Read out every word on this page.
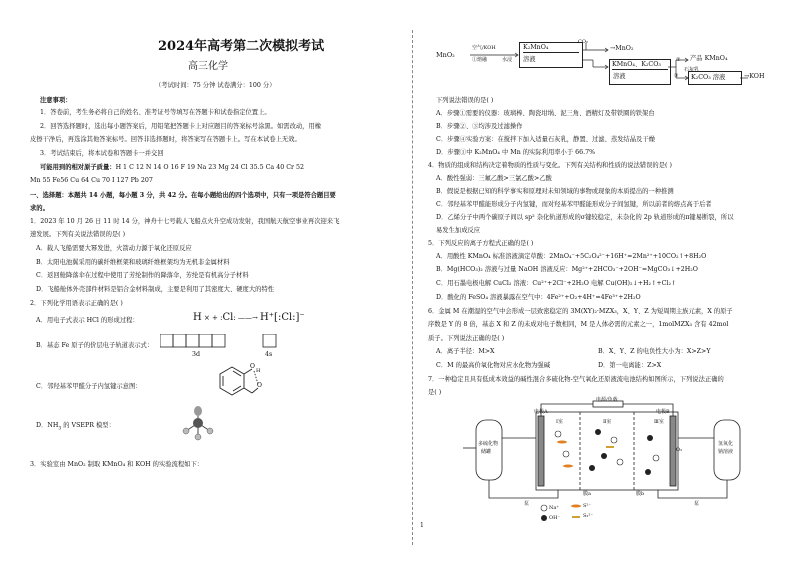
2024年高考第二次模拟考试
高三化学
（考试时间：75 分钟 试卷满分：100 分）
注意事项：
1．答卷前，考生务必将自己的姓名、准考证号等填写在答题卡和试卷指定位置上。
2．回答选择题时，选出每小题答案后，用铅笔把答题卡上对应题目的答案标号涂黑。如需改动，用橡
皮擦干净后，再选涂其他答案标号。回答非选择题时，将答案写在答题卡上。写在本试卷上无效。
3．考试结束后，将本试卷和答题卡一并交回
可能用到的相对原子质量：H 1 C 12 N 14 O 16 F 19 Na 23 Mg 24 Cl 35.5 Ca 40 Cr 52
Mn 55 Fe56 Cu 64 Cu 70 I 127 Pb 207
一、选择题：本题共 14 小题，每小题 3 分，共 42 分。在每小题给出的四个选项中，只有一项是符合题目要
求的。
1．2023 年 10 月 26 日 11 时 14 分，神舟十七号载人飞船点火升空成功发射，我国航天航空事业再次迎来飞
速发展。下列有关说法错误的是( )
A．载人飞船需要大幂发进，火箭动力源于氧化还原反应
B．太阳电池翼采用的碳纤维框架和玻璃纤维框架均为无机非金属材料
C．返回舱降落伞在过程中使用了芳纶制作的降落伞，芳纶是有机高分子材料
D．飞船舱体外壳部件材料是铝合金材料制成，主要是利用了其密度大、硬度大的特性
2．下列化学用语表示正确的是( )
A．用电子式表示 HCl 的形成过程：	H × + :Cl: ——→ H⁺[:Cl:]⁻
B．基态 Fe 原子的价层电子轨道表示式：
3d	4s
C．邻羟基苯甲醛分子内氢键示意图：
O
H
O
D．$NH_3$ 的 VSEPR 模型：
3．实验室由 MnO₂ 制取 KMnO₄ 和 KOH 的实验流程如下：
MnO₂
空气/KOH
①熔融	水浸
K₂MnO₄
溶液
CO₂
→MnO₂
KMnO₄、K₂CO₃
溶液
② 产品 KMnO₄
③
石灰乳
K₂CO₃ 溶液	→KOH
下列说法错误的是( )
A．步骤①需要的仪器：玻璃棒、陶瓷坩埚、泥三角、酒精灯及带铁圈的铁架台
B．步骤②、③均涉及过滤操作
C．步骤④实验方案：在搅拌下加入适量石灰乳，静置、过滤、蒸发结晶及干燥
D．步骤①中 K₂MnO₄ 中 Mn 的实际利用率小于 66.7%
4．物质的组成和结构决定着物质的性质与变化。下列有关结构和性质的说法错误的是( )
A．酸性强弱：三氟乙酸>三氯乙酸>乙酸
B．假说是根据已知的科学事实和原理对未知领域的事物或现象的本质提出的一种推测
C．邻羟基苯甲醛能形成分子内氢键，而对羟基苯甲醛能形成分子间氢键，所以前者的熔点高于后者
D．乙烯分子中两个碳原子间以 sp² 杂化轨道形成的σ键较稳定，未杂化的 2p 轨道形成的π键易断裂，所以
易发生加成反应
5．下列反应的离子方程式正确的是( )
A．用酸性 KMnO₄ 标准溶液滴定草酸：2MnO₄⁻+5C₂O₄²⁻+16H⁺=2Mn²⁺+10CO₂↑+8H₂O
B．Mg(HCO₃)₂ 溶液与过量 NaOH 溶液反应：Mg²⁺+2HCO₃⁻+2OH⁻=MgCO₃↓+2H₂O
C．用石墨电极电解 CuCl₂ 溶液：Cu²⁺+2Cl⁻+2H₂O 电解 Cu(OH)₂↓+H₂↑+Cl₂↑
D．酸化的 FeSO₄ 溶液暴露在空气中：4Fe²⁺+O₂+4H⁺=4Fe³⁺+2H₂O
6．金属 M 在潮湿的空气中会形成一层致密稳定的 3M(XY)₂·MZX₃，X、Y、Z 为短周期主族元素，X 的原子
序数是 Y 的 8 倍，基态 X 和 Z 的未成对电子数相同，M 是人体必需的元素之一，1molMZX₃ 含有 42mol
质子。下列说法正确的是( )
A．离子半径：M>X	B．X、Y、Z 的电负性大小为：X>Z>Y
C．M 的最高价氧化物对应水化物为强碱	D．第一电离能：Z>X
7．一种稳定且具有低成本效益的碱性混合多硫化物-空气氧化还原液流电池结构如图所示，下列说法正确的
是( )
电源/负载
电极A	电极B
Ⅰ室	Ⅱ室	Ⅲ室
多硫化物
储罐
氢氧化
钠溶液
泵	泵
膜a	膜b
O₂
Na⁺
OH⁻
S²⁻
S₂²⁻
1
